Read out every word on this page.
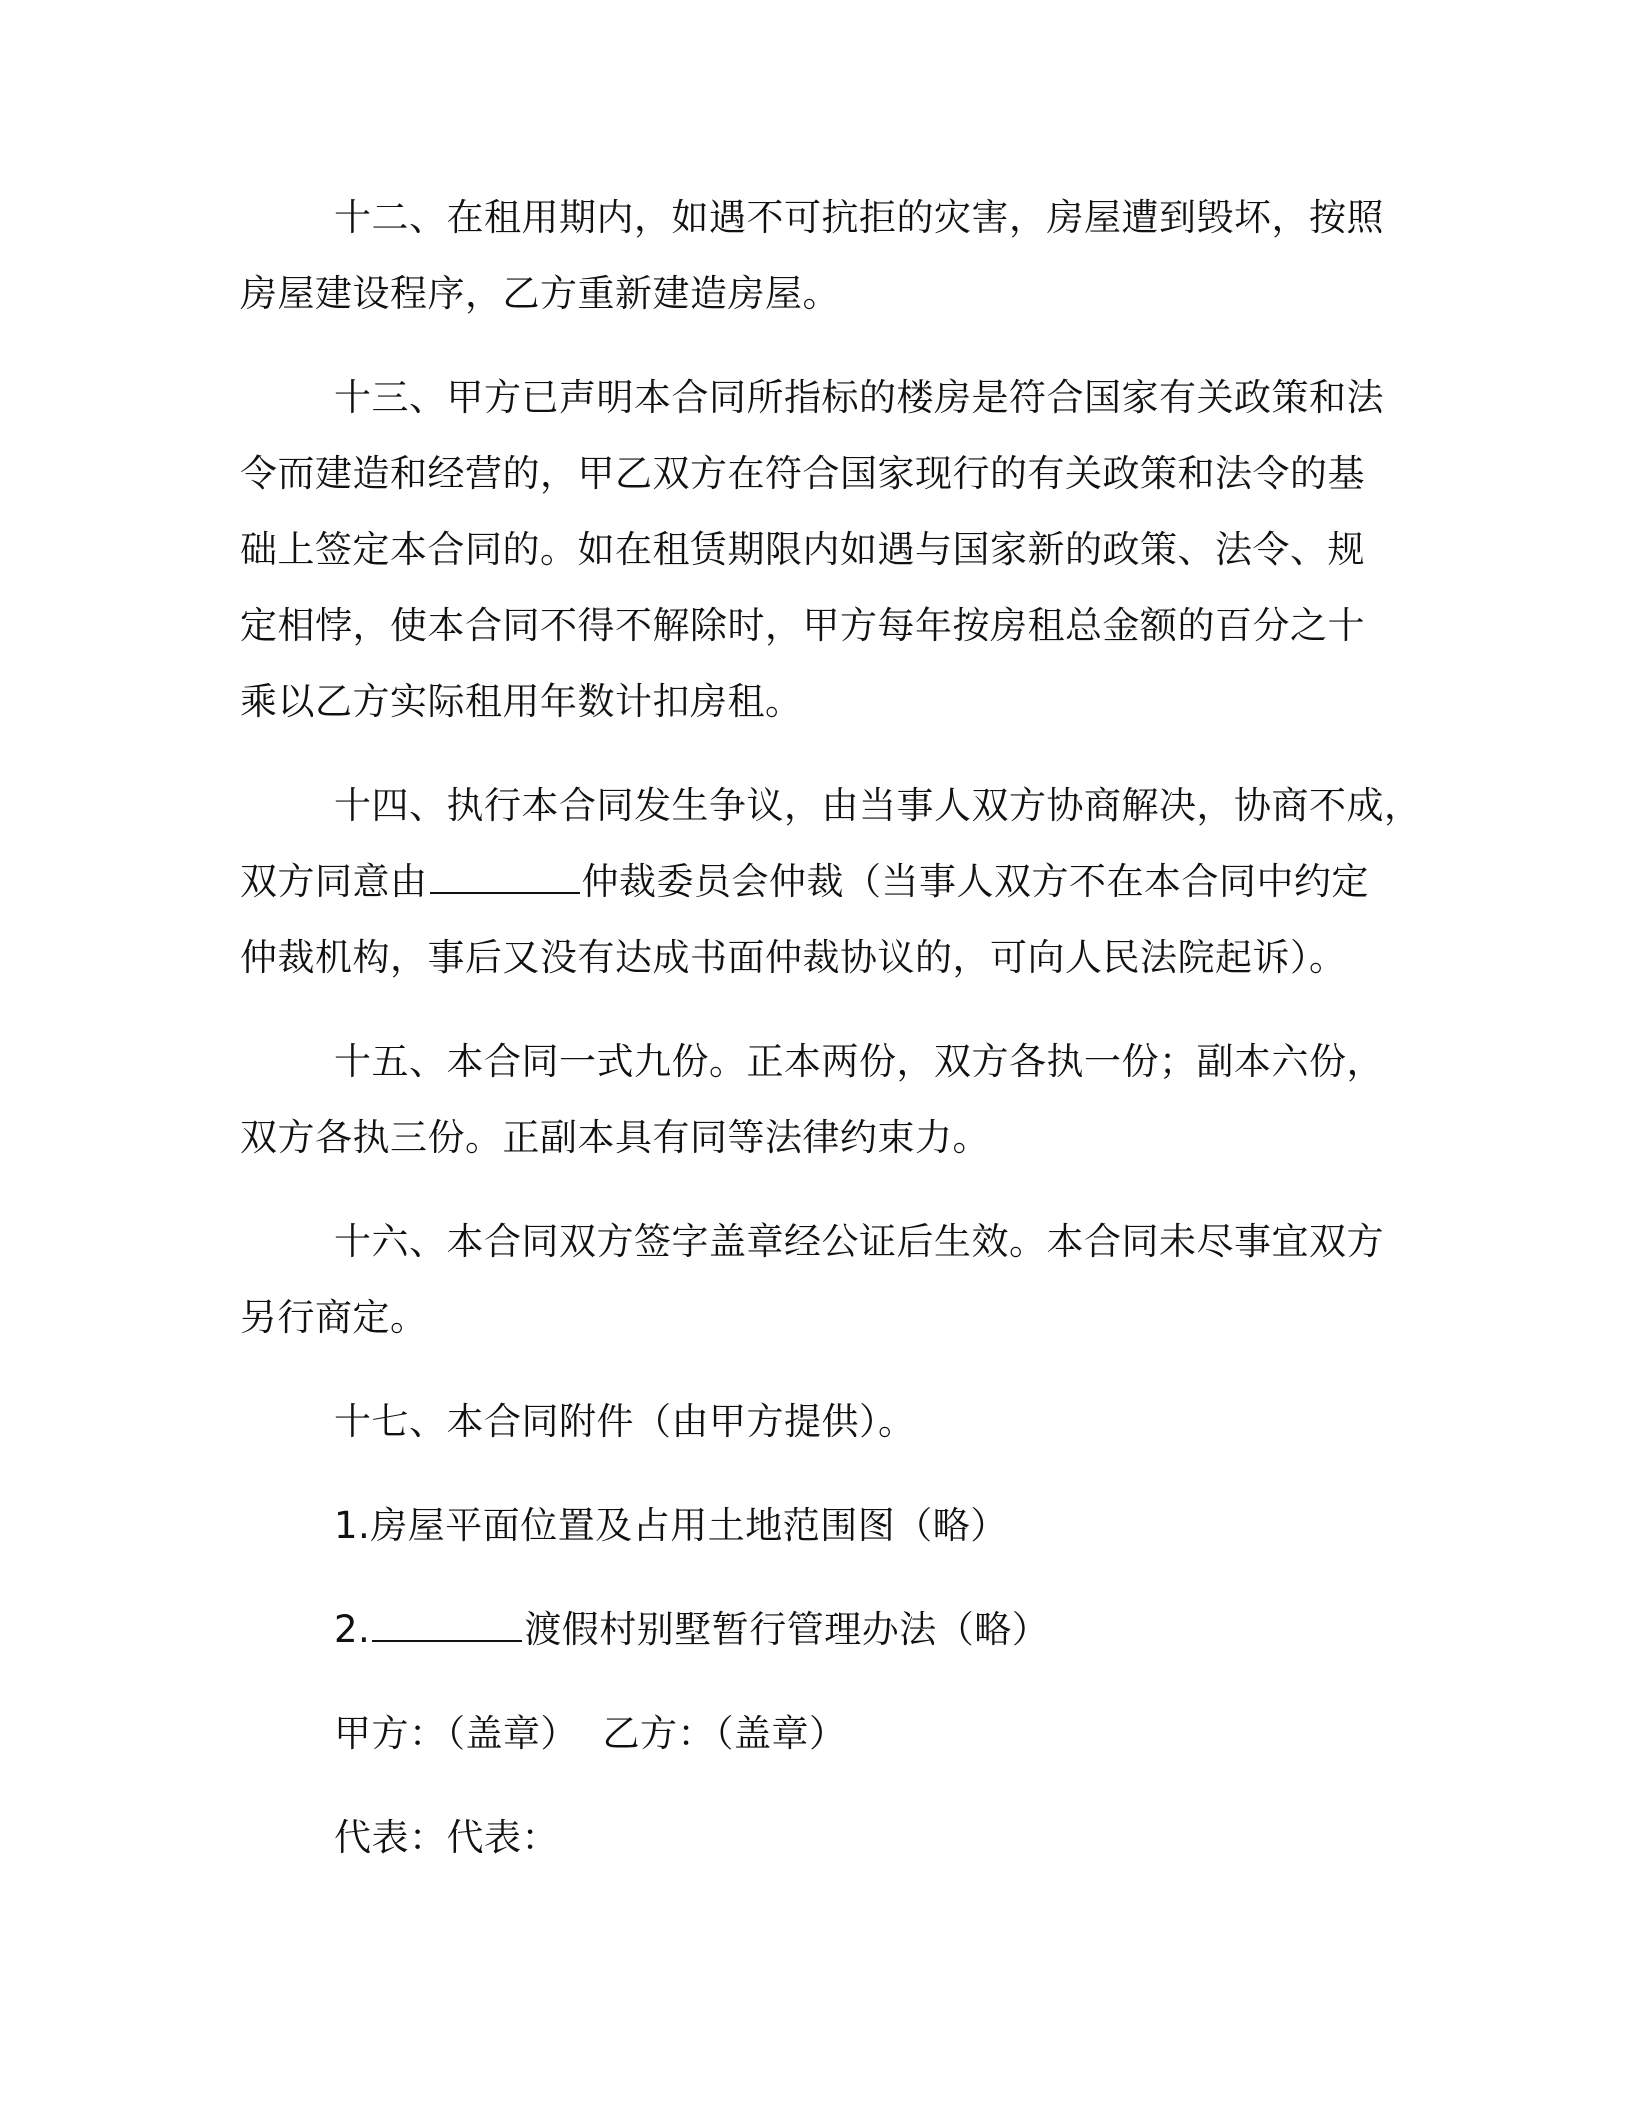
十二、在租用期内，如遇不可抗拒的灾害，房屋遭到毁坏，按照
房屋建设程序，乙方重新建造房屋。
十三、甲方已声明本合同所指标的楼房是符合国家有关政策和法
令而建造和经营的，甲乙双方在符合国家现行的有关政策和法令的基
础上签定本合同的。如在租赁期限内如遇与国家新的政策、法令、规
定相悖，使本合同不得不解除时，甲方每年按房租总金额的百分之十
乘以乙方实际租用年数计扣房租。
十四、执行本合同发生争议，由当事人双方协商解决，协商不成，
双方同意由	仲裁委员会仲裁（当事人双方不在本合同中约定
仲裁机构，事后又没有达成书面仲裁协议的，可向人民法院起诉）。
十五、本合同一式九份。正本两份，双方各执一份；副本六份，
双方各执三份。正副本具有同等法律约束力。
十六、本合同双方签字盖章经公证后生效。本合同未尽事宜双方
另行商定。
十七、本合同附件（由甲方提供）。
1.房屋平面位置及占用土地范围图（略）
2.	渡假村别墅暂行管理办法（略）
甲方：（盖章）  乙方：（盖章）
代表：代表：
